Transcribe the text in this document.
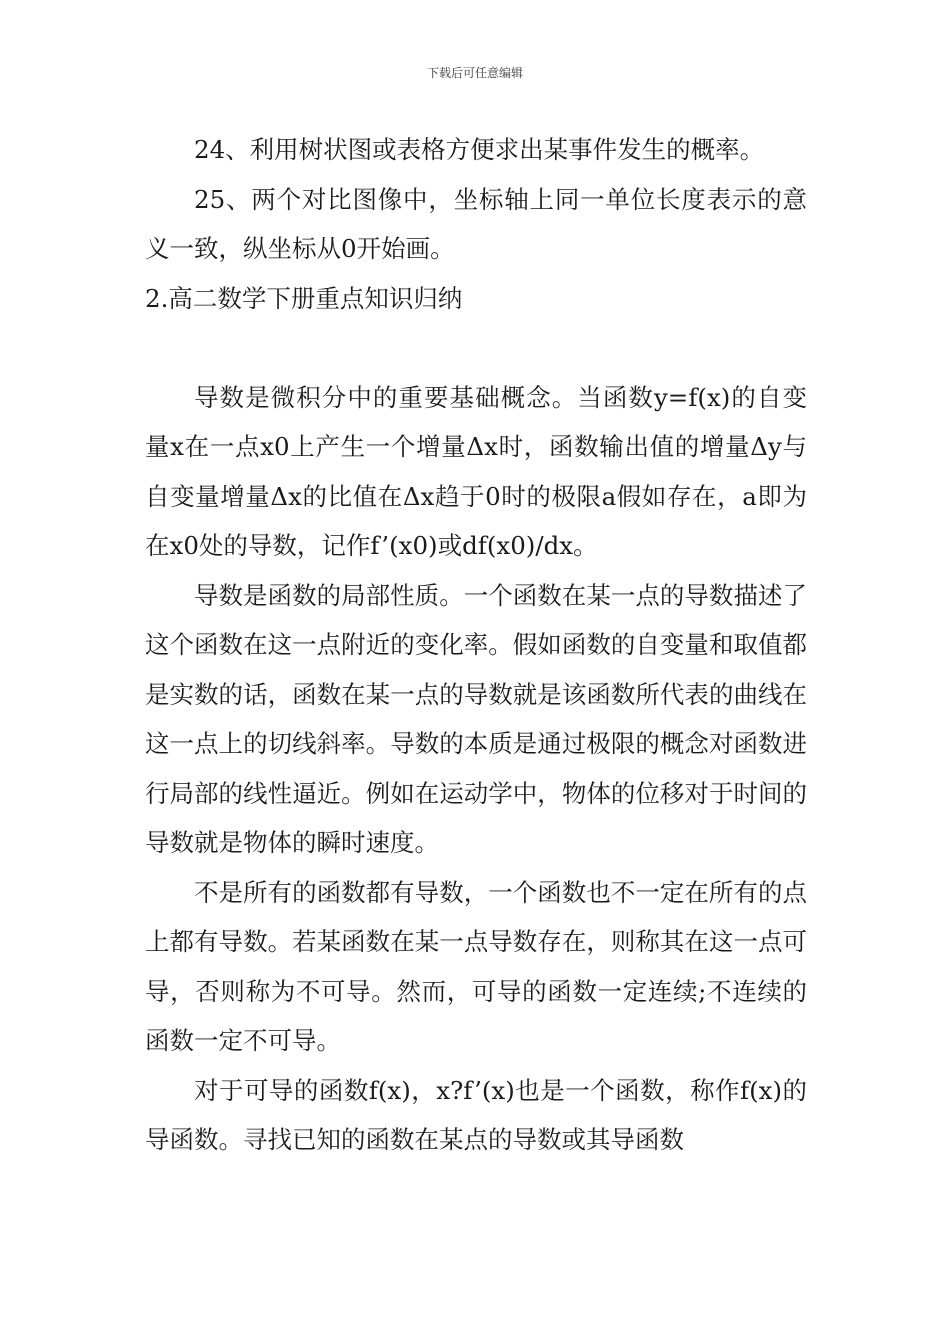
下载后可任意编辑

24、利用树状图或表格方便求出某事件发生的概率。

25、两个对比图像中，坐标轴上同一单位长度表示的意义一致，纵坐标从0开始画。

2.高二数学下册重点知识归纳

导数是微积分中的重要基础概念。当函数y=f(x)的自变量x在一点x0上产生一个增量Δx时，函数输出值的增量Δy与自变量增量Δx的比值在Δx趋于0时的极限a假如存在，a即为在x0处的导数，记作f’(x0)或df(x0)/dx。

导数是函数的局部性质。一个函数在某一点的导数描述了这个函数在这一点附近的变化率。假如函数的自变量和取值都是实数的话，函数在某一点的导数就是该函数所代表的曲线在这一点上的切线斜率。导数的本质是通过极限的概念对函数进行局部的线性逼近。例如在运动学中，物体的位移对于时间的导数就是物体的瞬时速度。

不是所有的函数都有导数，一个函数也不一定在所有的点上都有导数。若某函数在某一点导数存在，则称其在这一点可导，否则称为不可导。然而，可导的函数一定连续;不连续的函数一定不可导。

对于可导的函数f(x)，x?f’(x)也是一个函数，称作f(x)的导函数。寻找已知的函数在某点的导数或其导函数
